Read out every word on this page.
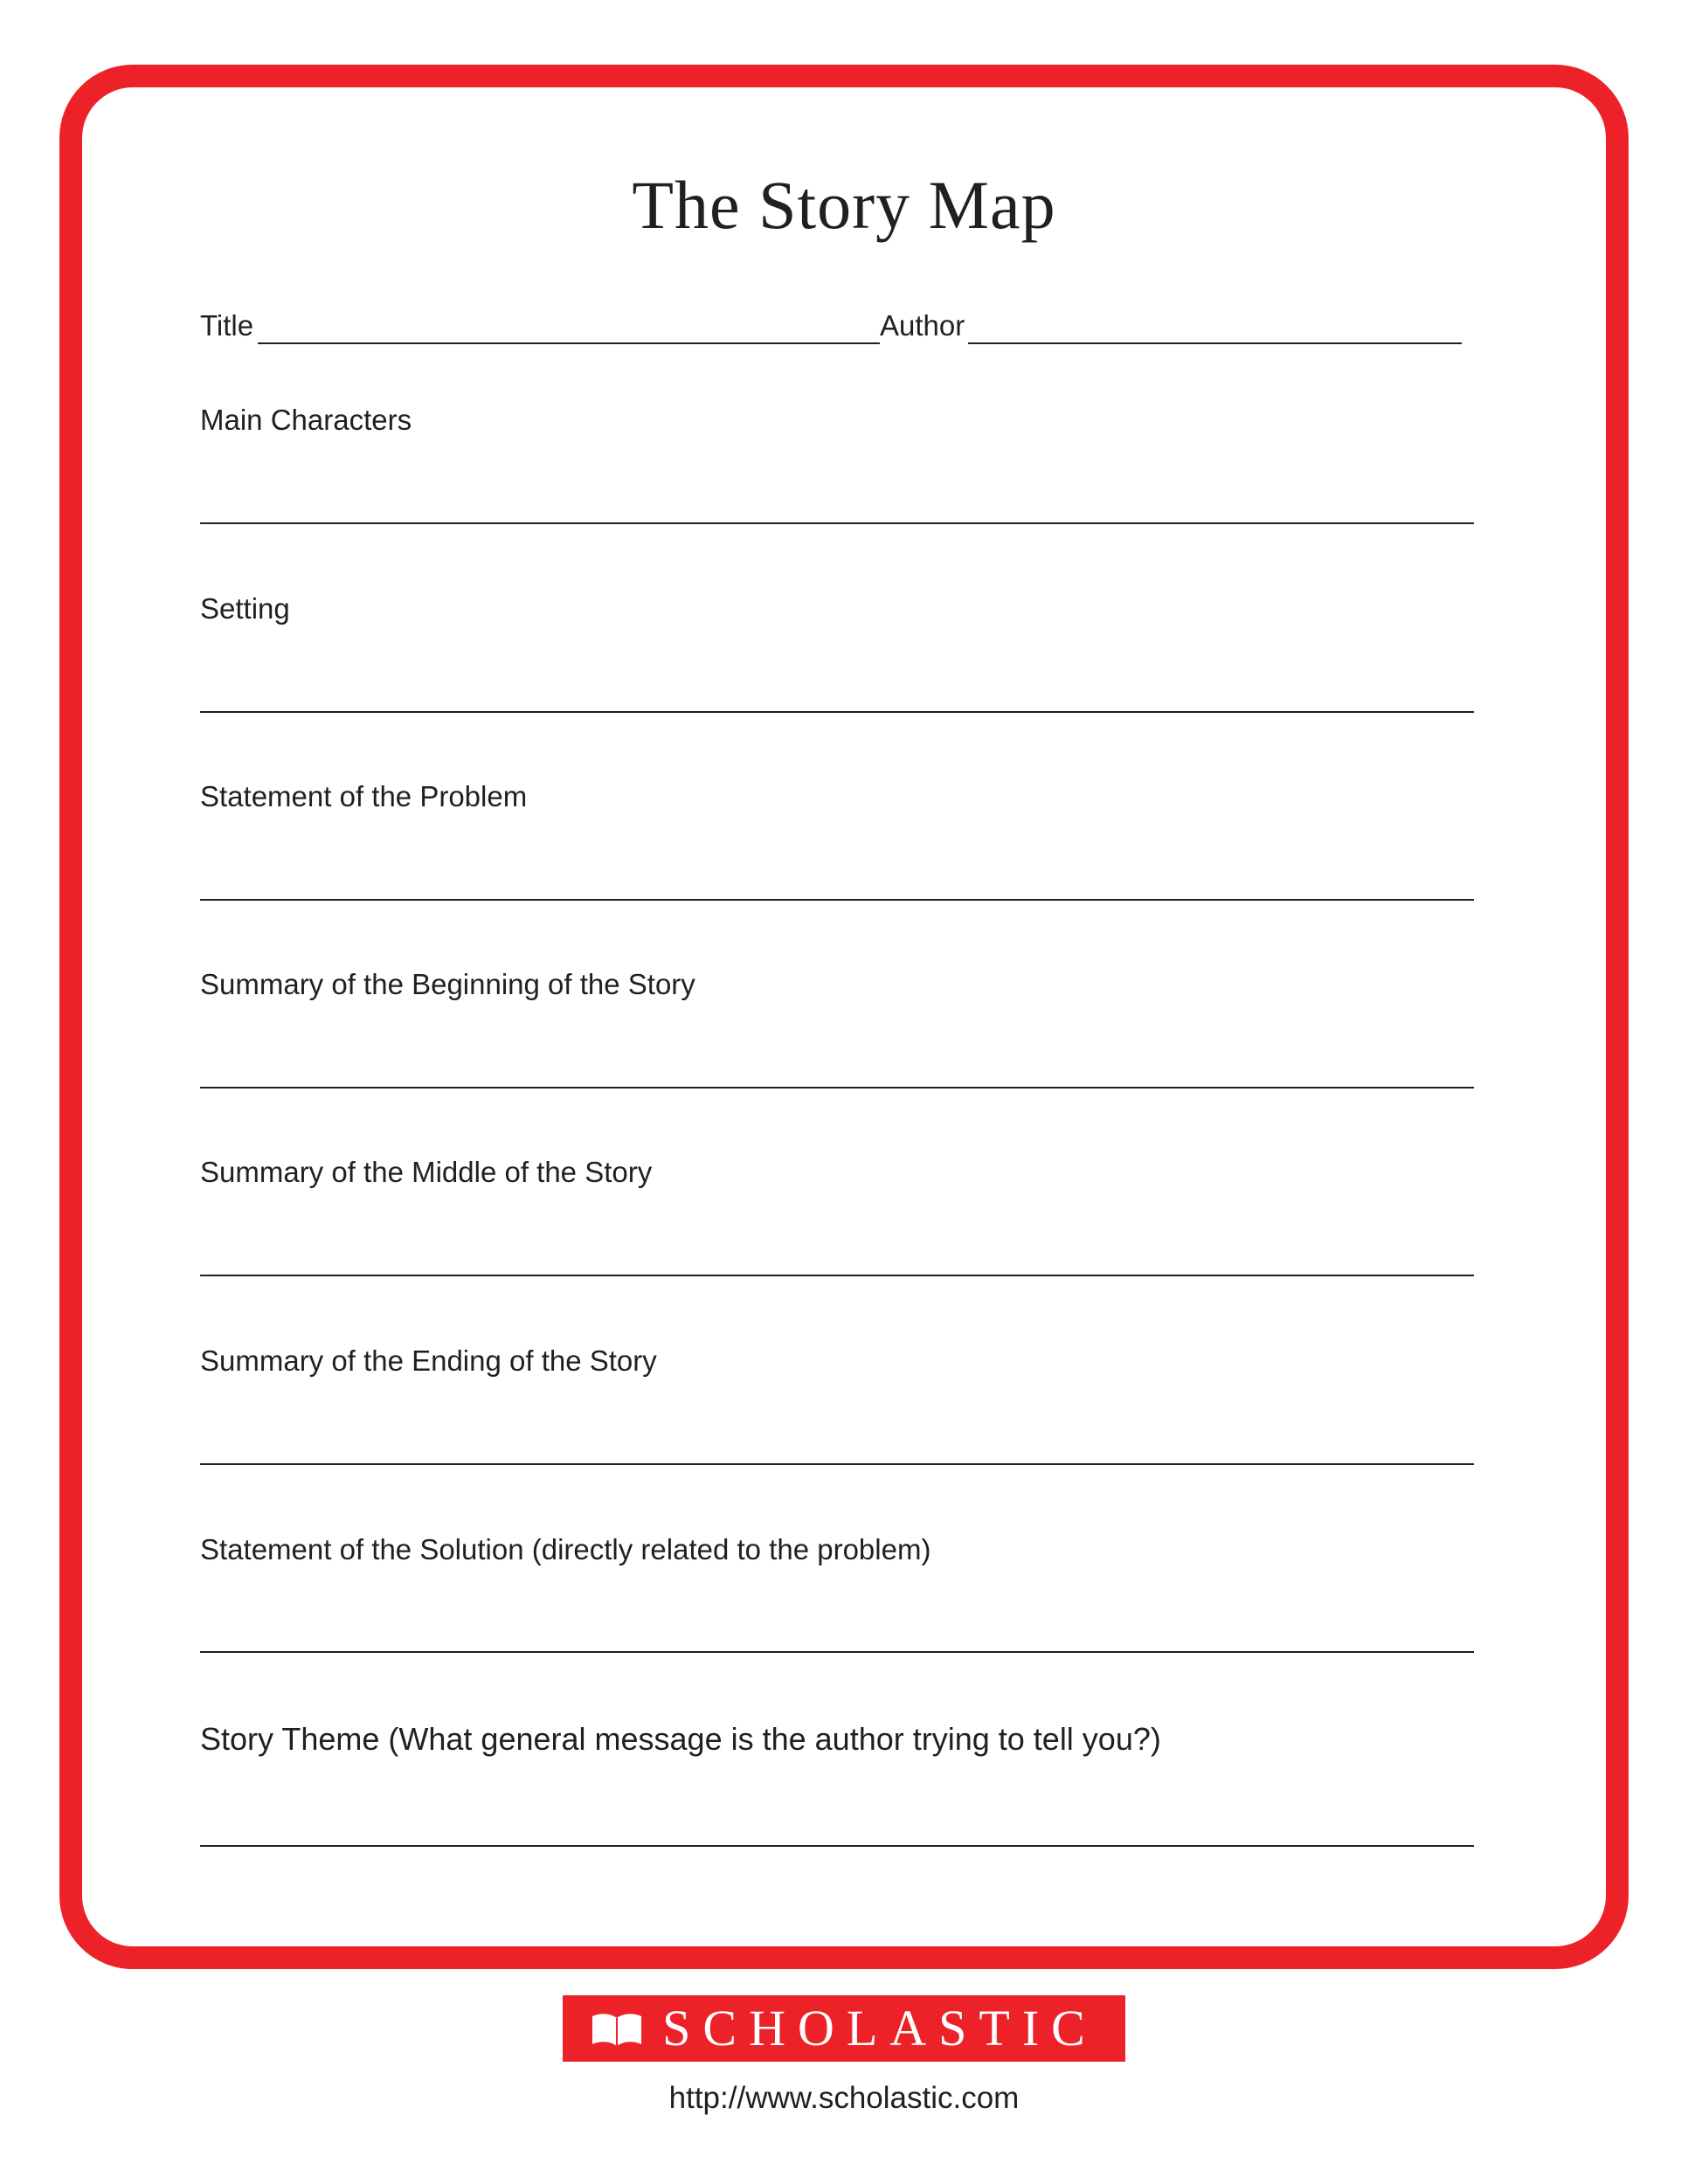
The Story Map
Title	Author
Main Characters
Setting
Statement of the Problem
Summary of the Beginning of the Story
Summary of the Middle of the Story
Summary of the Ending of the Story
Statement of the Solution (directly related to the problem)
Story Theme (What general message is the author trying to tell you?)
SCHOLASTIC
http://www.scholastic.com
